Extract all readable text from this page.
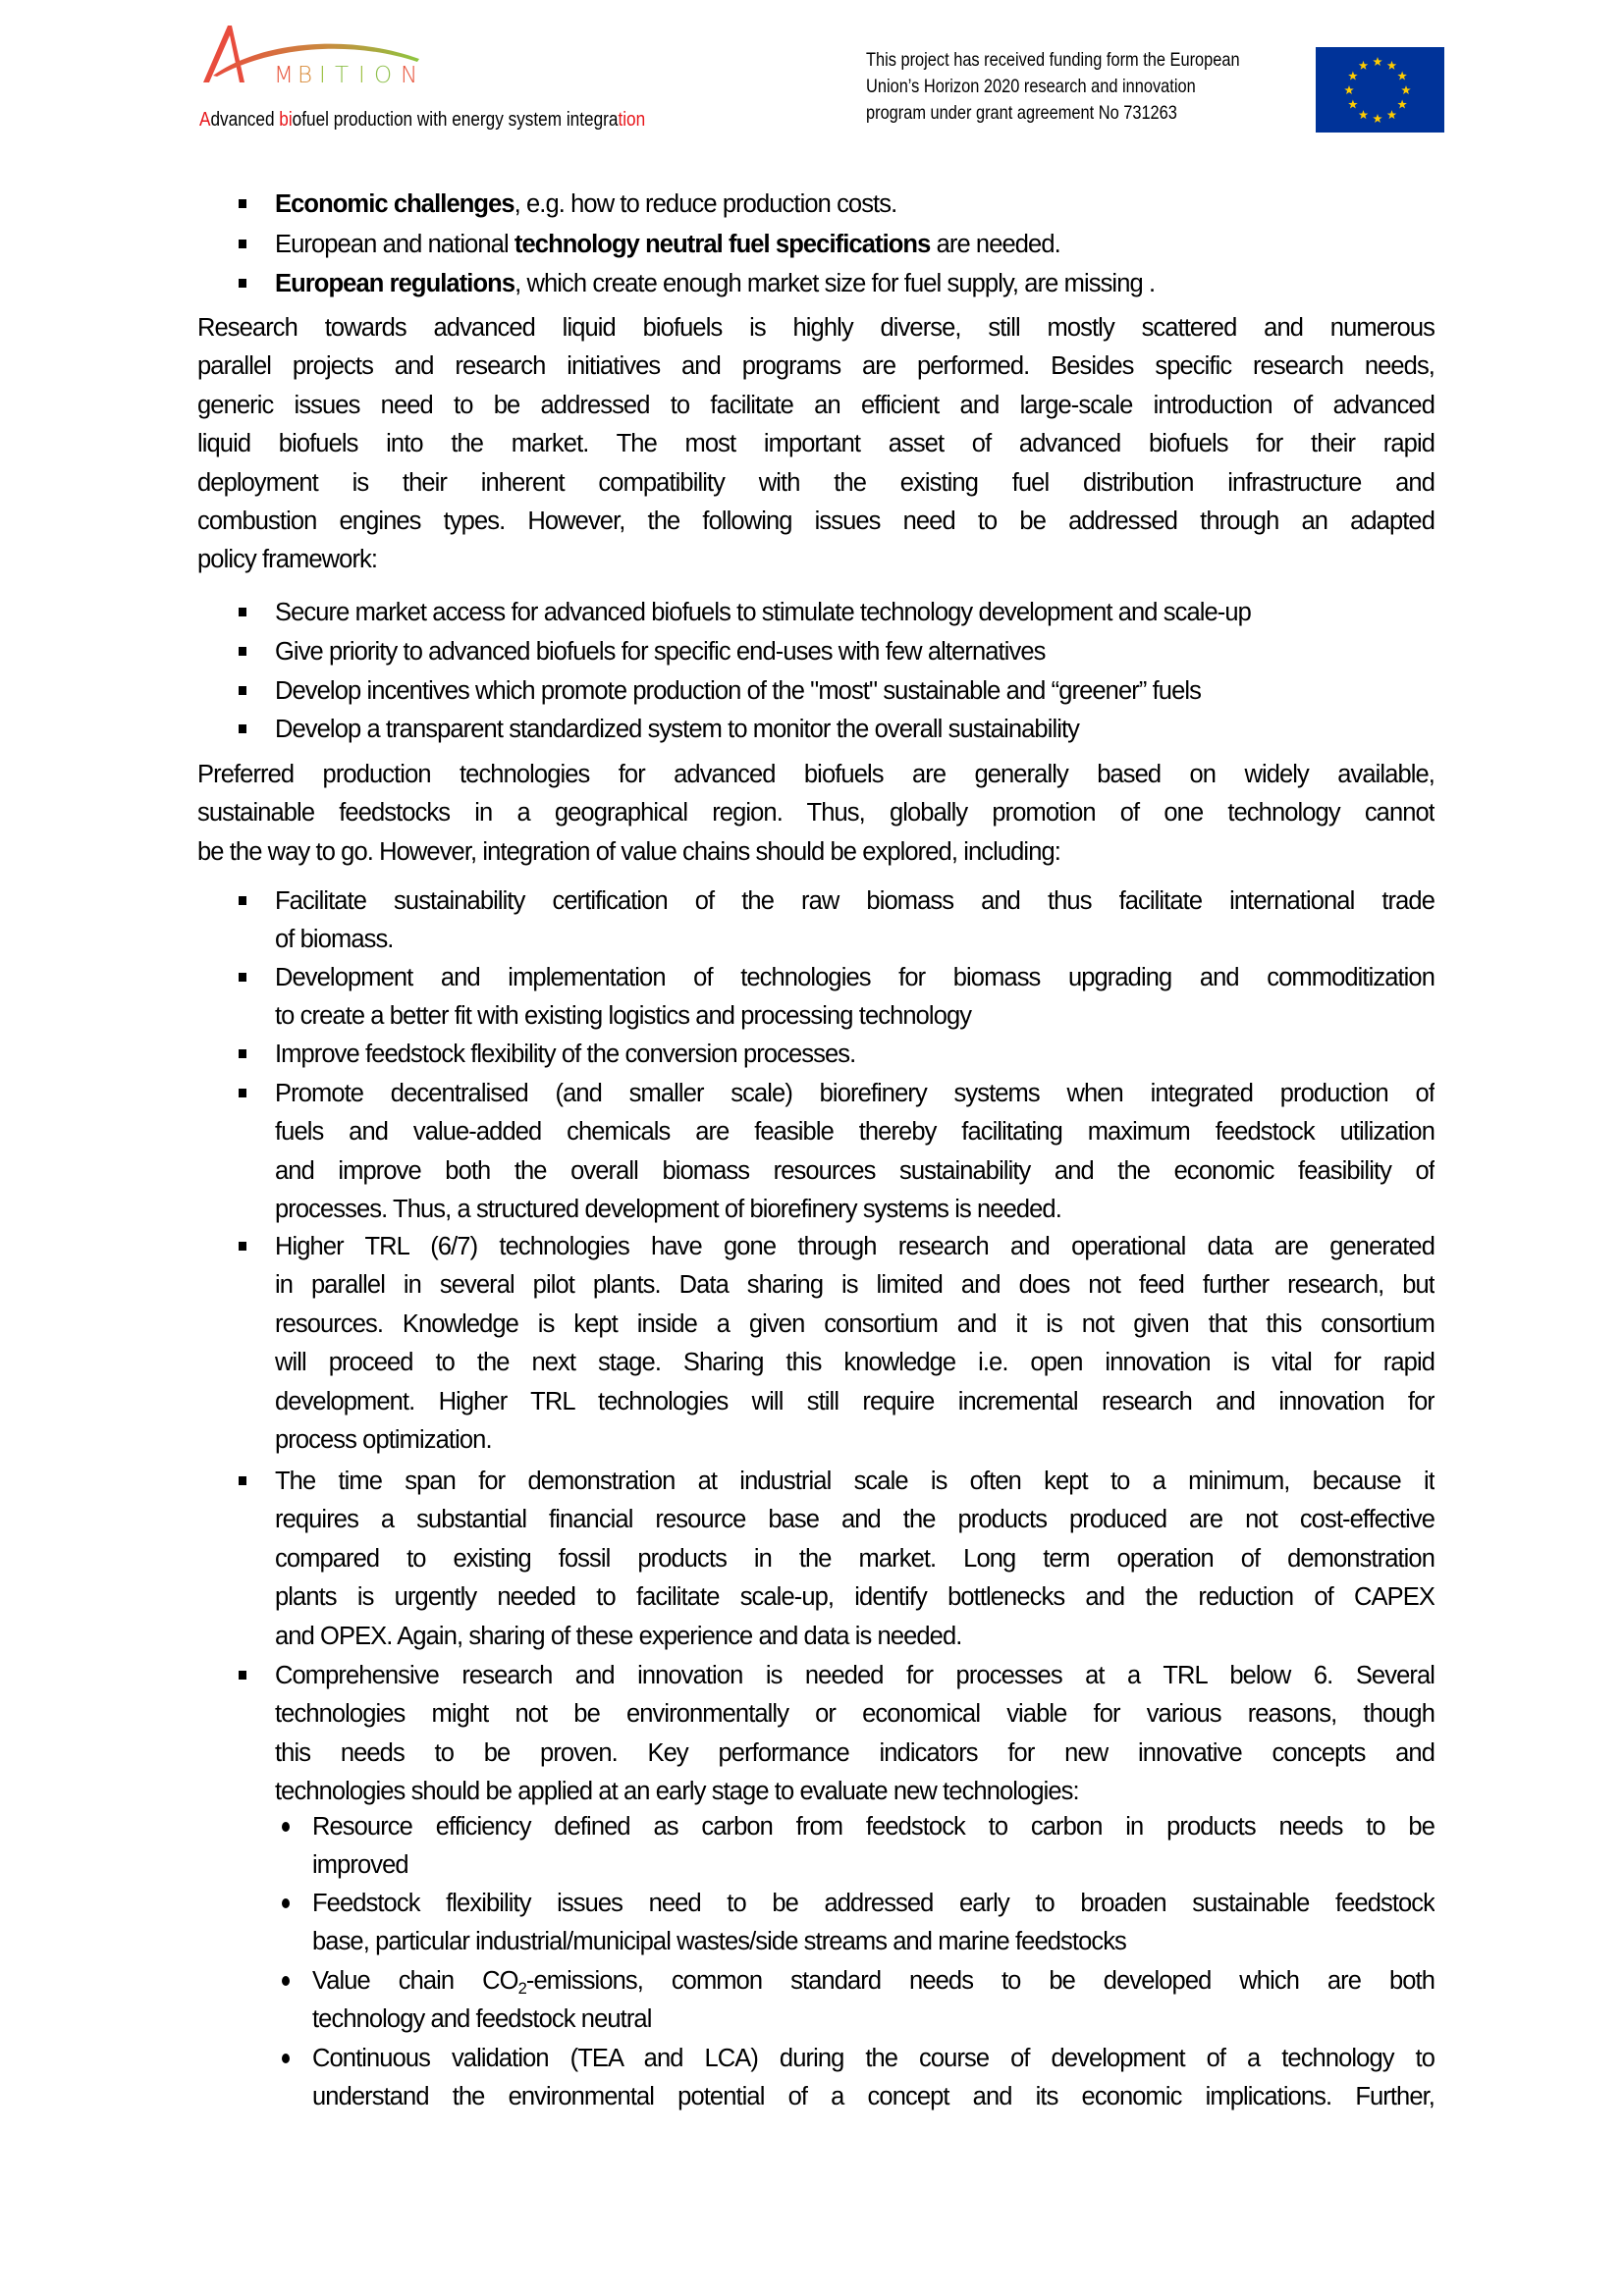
M B I T I O N
Advanced biofuel production with energy system integration
This project has received funding form the European
Union’s Horizon 2020 research and innovation
program under grant agreement No 731263
Economic challenges, e.g. how to reduce production costs.
European and national technology neutral fuel specifications are needed.
European regulations, which create enough market size for fuel supply, are missing .
Research towards advanced liquid biofuels is highly diverse, still mostly scattered and numerous
parallel projects and research initiatives and programs are performed. Besides specific research needs,
generic issues need to be addressed to facilitate an efficient and large-scale introduction of advanced
liquid biofuels into the market. The most important asset of advanced biofuels for their rapid
deployment is their inherent compatibility with the existing fuel distribution infrastructure and
combustion engines types. However, the following issues need to be addressed through an adapted
policy framework:
Secure market access for advanced biofuels to stimulate technology development and scale-up
Give priority to advanced biofuels for specific end-uses with few alternatives
Develop incentives which promote production of the "most" sustainable and “greener” fuels
Develop a transparent standardized system to monitor the overall sustainability
Preferred production technologies for advanced biofuels are generally based on widely available,
sustainable feedstocks in a geographical region. Thus, globally promotion of one technology cannot
be the way to go. However, integration of value chains should be explored, including:
Facilitate sustainability certification of the raw biomass and thus facilitate international trade
of biomass.
Development and implementation of technologies for biomass upgrading and commoditization
to create a better fit with existing logistics and processing technology
Improve feedstock flexibility of the conversion processes.
Promote decentralised (and smaller scale) biorefinery systems when integrated production of
fuels and value-added chemicals are feasible thereby facilitating maximum feedstock utilization
and improve both the overall biomass resources sustainability and the economic feasibility of
processes. Thus, a structured development of biorefinery systems is needed.
Higher TRL (6/7) technologies have gone through research and operational data are generated
in parallel in several pilot plants. Data sharing is limited and does not feed further research, but
resources. Knowledge is kept inside a given consortium and it is not given that this consortium
will proceed to the next stage. Sharing this knowledge i.e. open innovation is vital for rapid
development. Higher TRL technologies will still require incremental research and innovation for
process optimization.
The time span for demonstration at industrial scale is often kept to a minimum, because it
requires a substantial financial resource base and the products produced are not cost-effective
compared to existing fossil products in the market. Long term operation of demonstration
plants is urgently needed to facilitate scale-up, identify bottlenecks and the reduction of CAPEX
and OPEX. Again, sharing of these experience and data is needed.
Comprehensive research and innovation is needed for processes at a TRL below 6. Several
technologies might not be environmentally or economical viable for various reasons, though
this needs to be proven. Key performance indicators for new innovative concepts and
technologies should be applied at an early stage to evaluate new technologies:
Resource efficiency defined as carbon from feedstock to carbon in products needs to be
improved
Feedstock flexibility issues need to be addressed early to broaden sustainable feedstock
base, particular industrial/municipal wastes/side streams and marine feedstocks
Value chain $CO_2$-emissions, common standard needs to be developed which are both
technology and feedstock neutral
Continuous validation (TEA and LCA) during the course of development of a technology to
understand the environmental potential of a concept and its economic implications. Further,
